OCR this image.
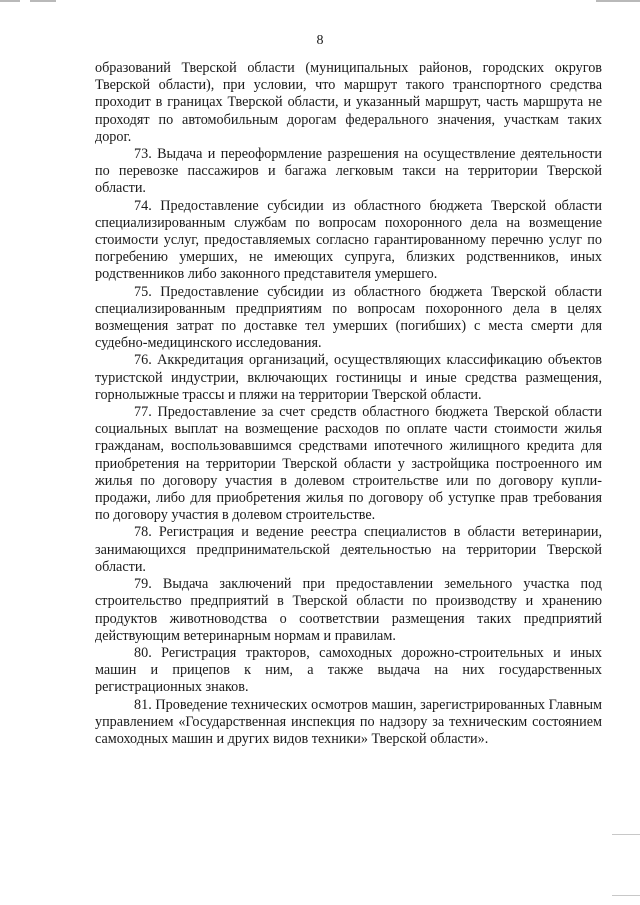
8

образований Тверской области (муниципальных районов, городских округов Тверской области), при условии, что маршрут такого транспортного средства проходит в границах Тверской области, и указанный маршрут, часть маршрута не проходят по автомобильным дорогам федерального значения, участкам таких дорог.

73. Выдача и переоформление разрешения на осуществление деятельности по перевозке пассажиров и багажа легковым такси на территории Тверской области.

74. Предоставление субсидии из областного бюджета Тверской области специализированным службам по вопросам похоронного дела на возмещение стоимости услуг, предоставляемых согласно гарантированному перечню услуг по погребению умерших, не имеющих супруга, близких родственников, иных родственников либо законного представителя умершего.

75. Предоставление субсидии из областного бюджета Тверской области специализированным предприятиям по вопросам похоронного дела в целях возмещения затрат по доставке тел умерших (погибших) с места смерти для судебно-медицинского исследования.

76. Аккредитация организаций, осуществляющих классификацию объектов туристской индустрии, включающих гостиницы и иные средства размещения, горнолыжные трассы и пляжи на территории Тверской области.

77. Предоставление за счет средств областного бюджета Тверской области социальных выплат на возмещение расходов по оплате части стоимости жилья гражданам, воспользовавшимся средствами ипотечного жилищного кредита для приобретения на территории Тверской области у застройщика построенного им жилья по договору участия в долевом строительстве или по договору купли-продажи, либо для приобретения жилья по договору об уступке прав требования по договору участия в долевом строительстве.

78. Регистрация и ведение реестра специалистов в области ветеринарии, занимающихся предпринимательской деятельностью на территории Тверской области.

79. Выдача заключений при предоставлении земельного участка под строительство предприятий в Тверской области по производству и хранению продуктов животноводства о соответствии размещения таких предприятий действующим ветеринарным нормам и правилам.

80. Регистрация тракторов, самоходных дорожно-строительных и иных машин и прицепов к ним, а также выдача на них государственных регистрационных знаков.

81. Проведение технических осмотров машин, зарегистрированных Главным управлением «Государственная инспекция по надзору за техническим состоянием самоходных машин и других видов техники» Тверской области».
